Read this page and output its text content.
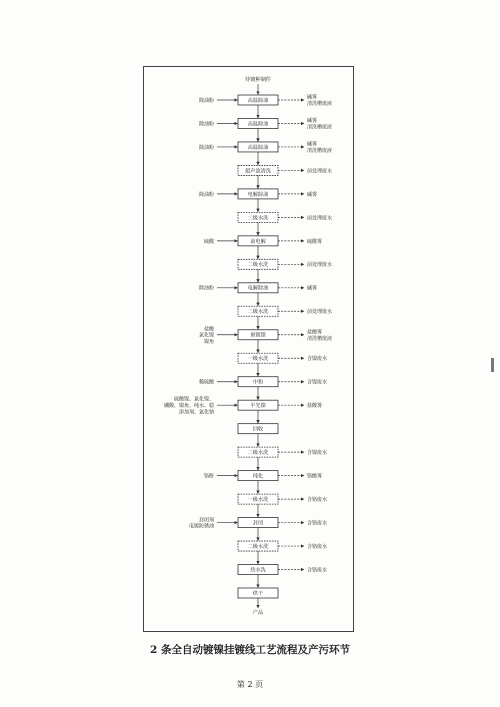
待镀种制件
高温除油
除油粉
碱雾
清洗槽废液
高温除油
除油粉
碱雾
清洗槽废液
高温除油
除油粉
碱雾
清洗槽废液
超声波清洗	前处理废水
电解除油
除油粉	碱雾
二级水洗	前处理废水
前电解
硫酸	硫酸雾
二级水洗	前处理废水
电解除油
除油粉	碱雾
二级水洗	前处理废水
预镀镍
盐酸
氯化镍
镍角
盐酸雾
清洗槽废液
一级水洗	含镍废水
中和
稀硫酸	含镍废水
半光镍
硫酸镍、氯化镍、
硼酸、镍角、纯水、稳
添加剂、氯化钠
盐酸雾
回收
二级水洗	含镍废水
钝化
铬酐	铬酸雾
一级水洗	含铬废水
封闭
封闭剂
电镀防锈油
含铬废水
二级水洗	含铬废水
热水洗	含铬废水
烘干
产品
2 条全自动镀镍挂镀线工艺流程及产污环节
第 2 页
